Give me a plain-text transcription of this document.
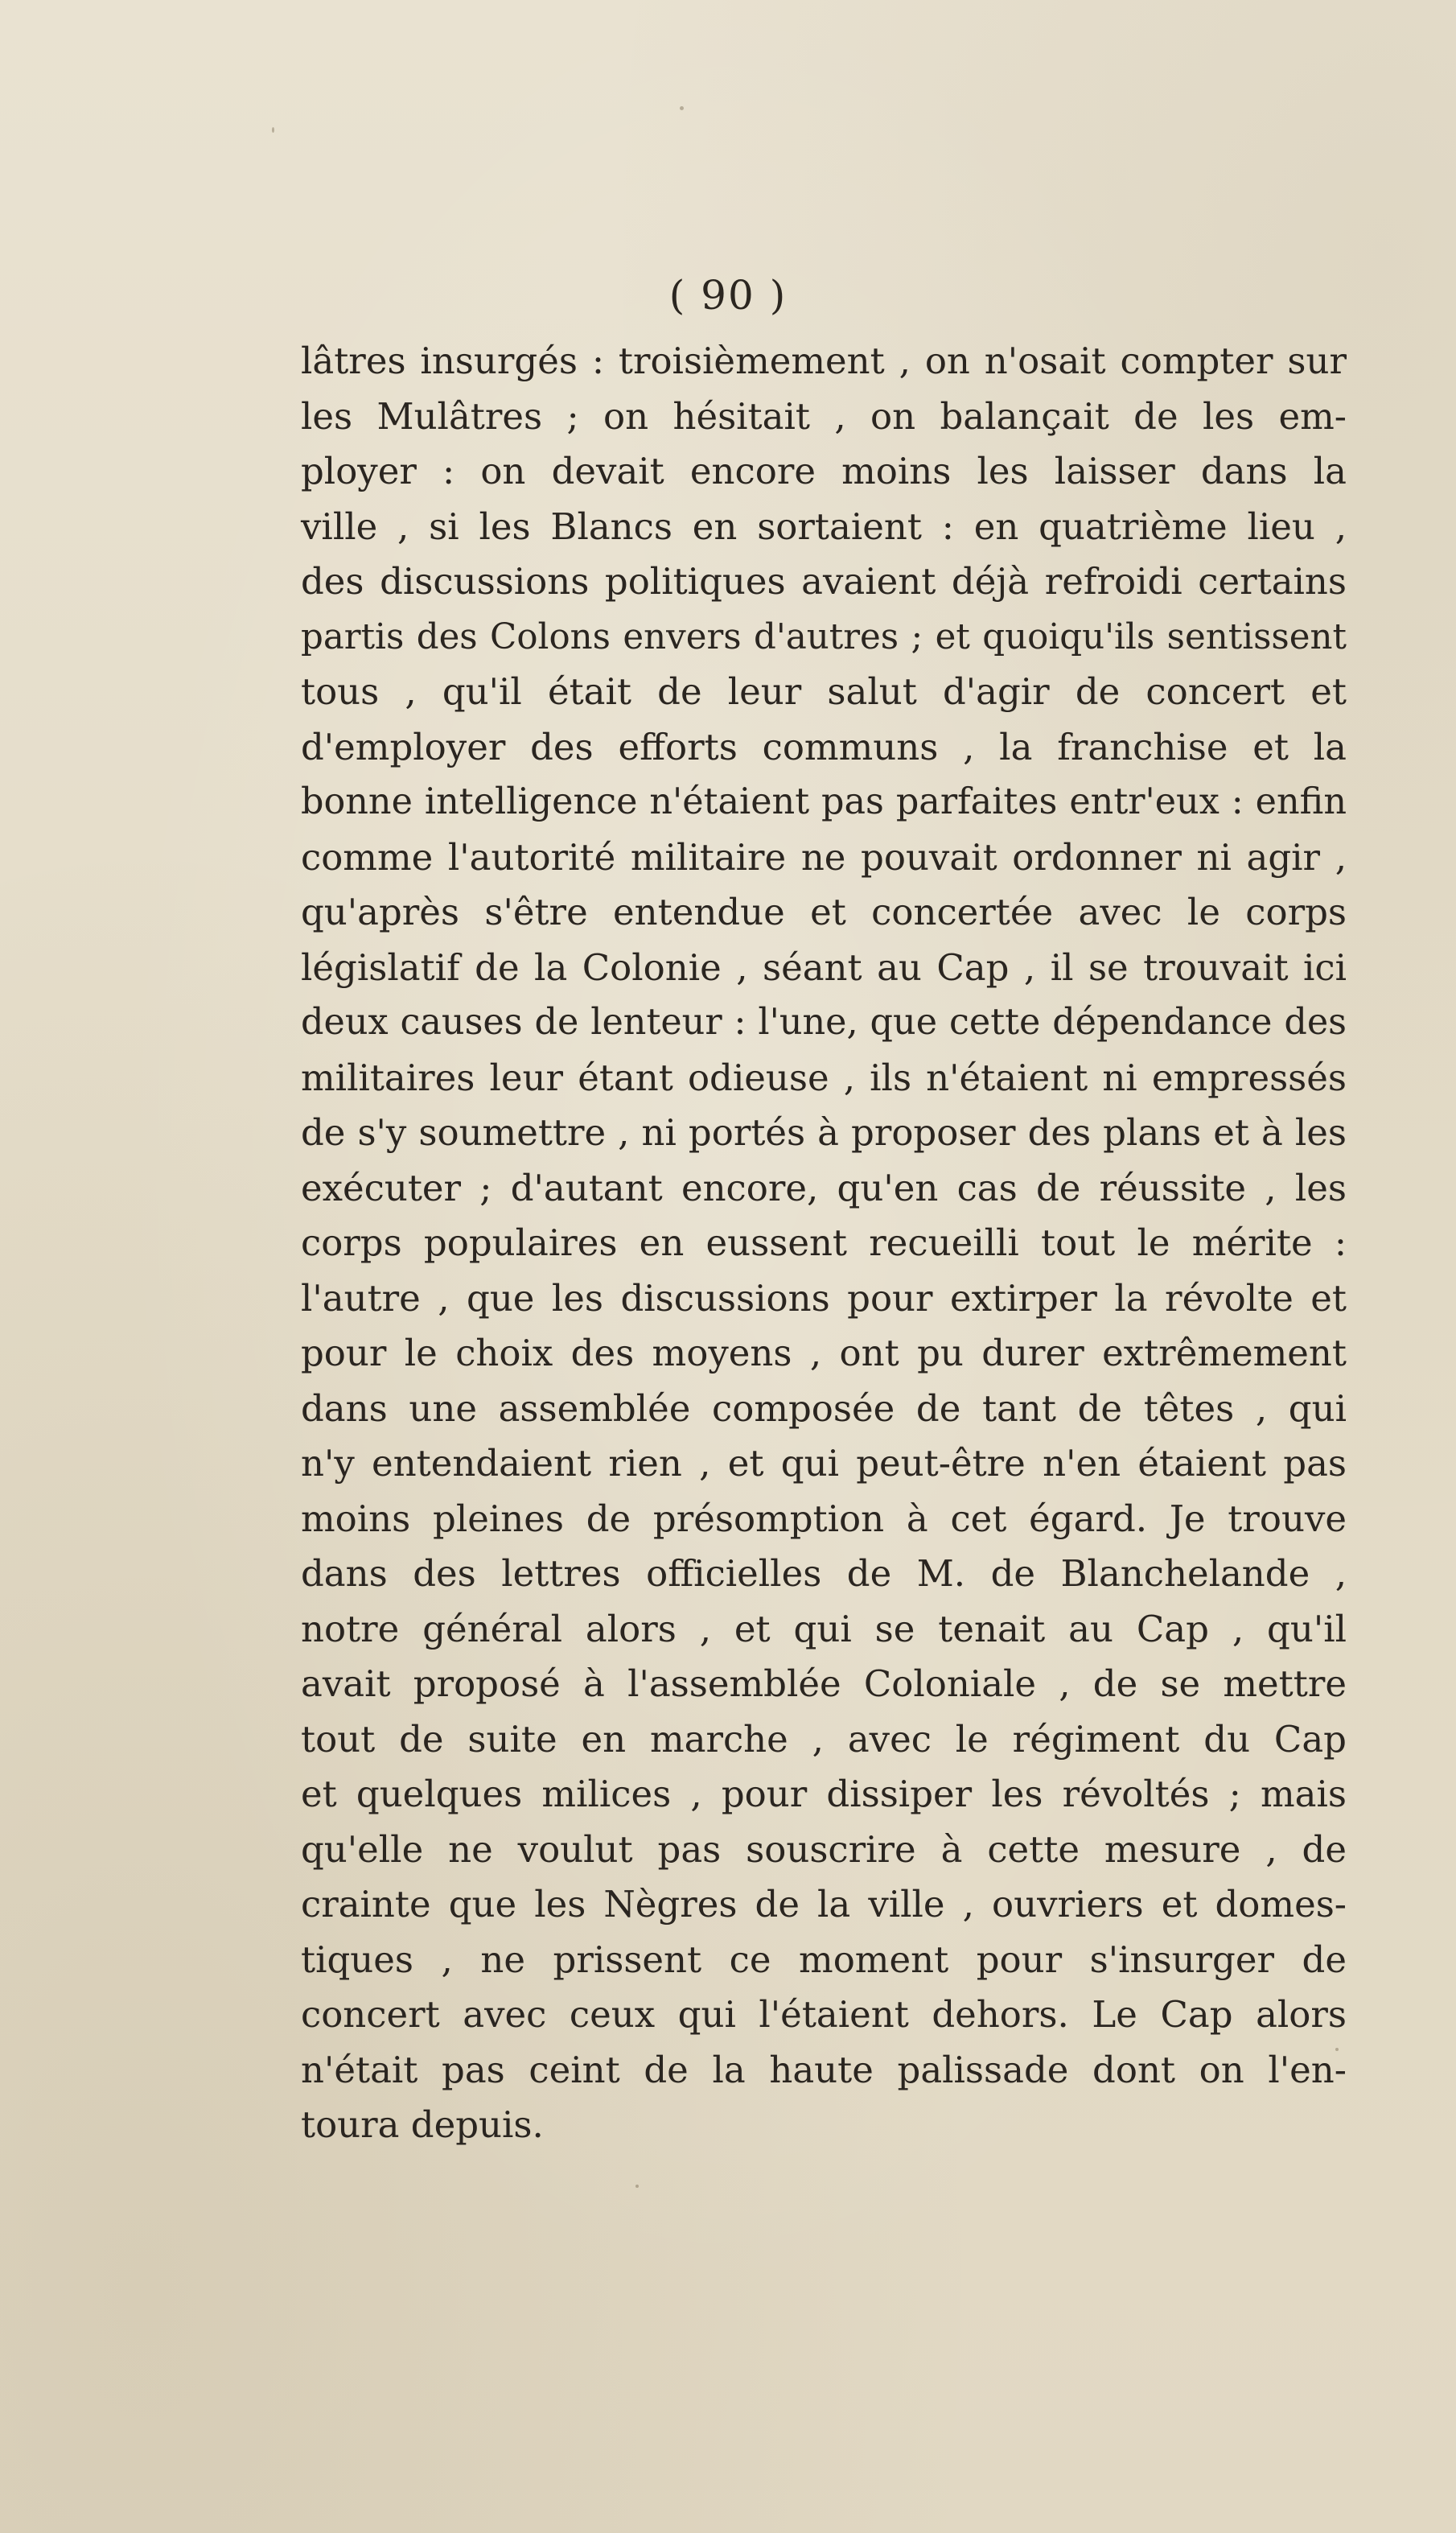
( 90 )
lâtres insurgés : troisièmement , on n'osait compter sur
les Mulâtres ; on hésitait , on balançait de les em-
ployer : on devait encore moins les laisser dans la
ville , si les Blancs en sortaient : en quatrième lieu ,
des discussions politiques avaient déjà refroidi certains
partis des Colons envers d'autres ; et quoiqu'ils sentissent
tous , qu'il était de leur salut d'agir de concert et
d'employer des efforts communs , la franchise et la
bonne intelligence n'étaient pas parfaites entr'eux : enfin
comme l'autorité militaire ne pouvait ordonner ni agir ,
qu'après s'être entendue et concertée avec le corps
législatif de la Colonie , séant au Cap , il se trouvait ici
deux causes de lenteur : l'une, que cette dépendance des
militaires leur étant odieuse , ils n'étaient ni empressés
de s'y soumettre , ni portés à proposer des plans et à les
exécuter ; d'autant encore, qu'en cas de réussite , les
corps populaires en eussent recueilli tout le mérite :
l'autre , que les discussions pour extirper la révolte et
pour le choix des moyens , ont pu durer extrêmement
dans une assemblée composée de tant de têtes , qui
n'y entendaient rien , et qui peut-être n'en étaient pas
moins pleines de présomption à cet égard. Je trouve
dans des lettres officielles de M. de Blanchelande ,
notre général alors , et qui se tenait au Cap , qu'il
avait proposé à l'assemblée Coloniale , de se mettre
tout de suite en marche , avec le régiment du Cap
et quelques milices , pour dissiper les révoltés ; mais
qu'elle ne voulut pas souscrire à cette mesure , de
crainte que les Nègres de la ville , ouvriers et domes-
tiques , ne prissent ce moment pour s'insurger de
concert avec ceux qui l'étaient dehors. Le Cap alors
n'était pas ceint de la haute palissade dont on l'en-
toura depuis.
